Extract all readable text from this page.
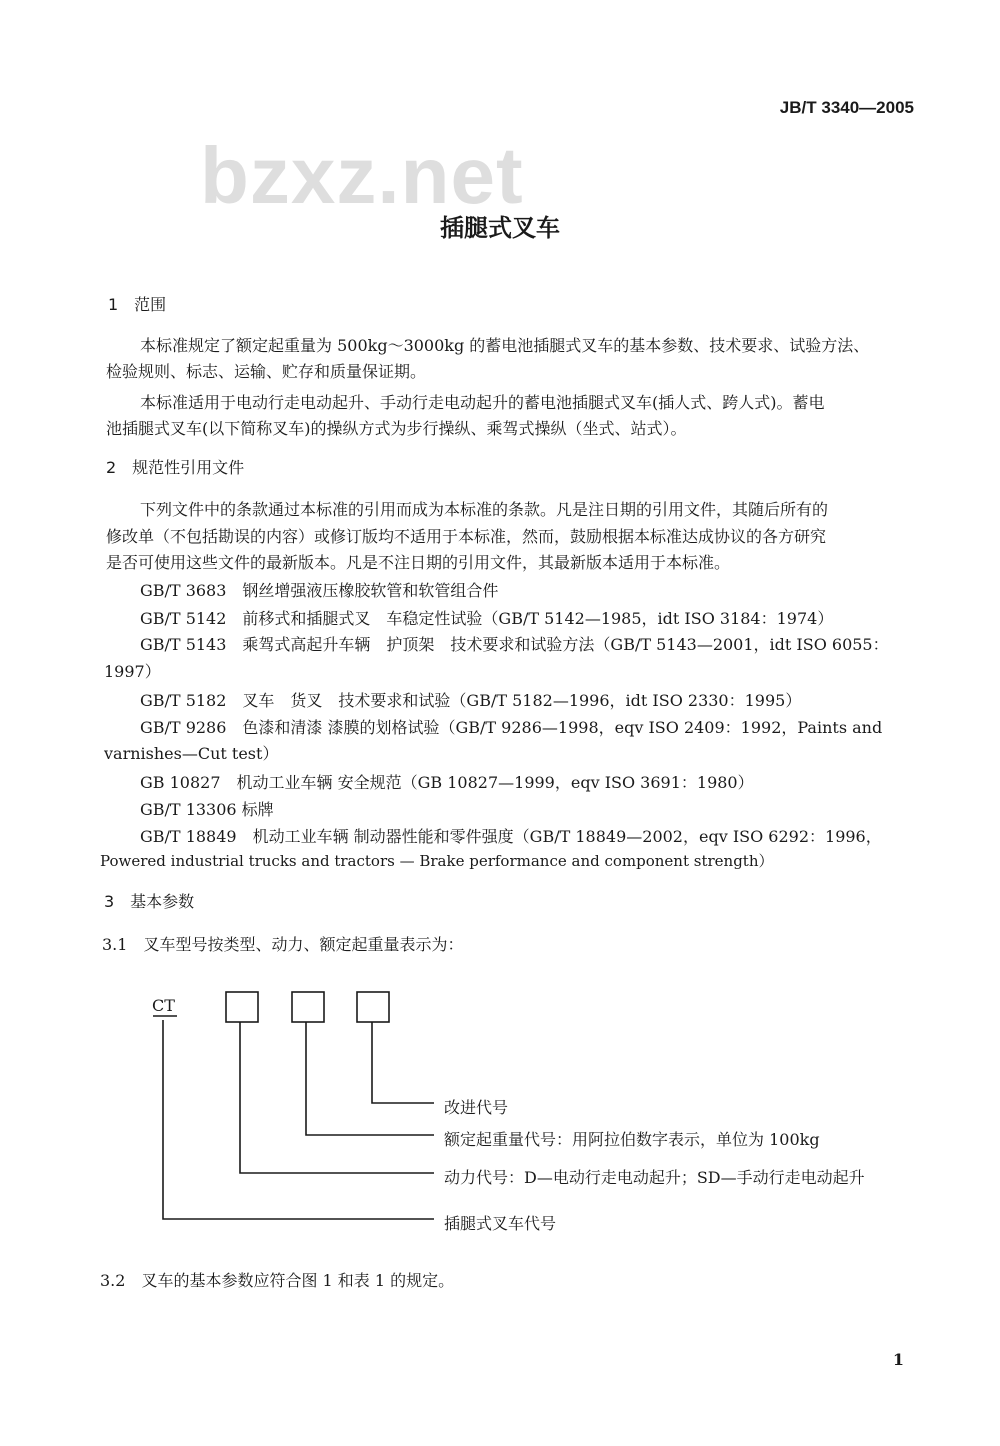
JB/T 3340—2005
bzxz.net
插腿式叉车
1　范围
本标准规定了额定起重量为 500kg～3000kg 的蓄电池插腿式叉车的基本参数、技术要求、试验方法、
检验规则、标志、运输、贮存和质量保证期。
本标准适用于电动行走电动起升、手动行走电动起升的蓄电池插腿式叉车(插人式、跨人式)。蓄电
池插腿式叉车(以下简称叉车)的操纵方式为步行操纵、乘驾式操纵（坐式、站式）。
2　规范性引用文件
下列文件中的条款通过本标准的引用而成为本标准的条款。凡是注日期的引用文件，其随后所有的
修改单（不包括勘误的内容）或修订版均不适用于本标准，然而，鼓励根据本标准达成协议的各方研究
是否可使用这些文件的最新版本。凡是不注日期的引用文件，其最新版本适用于本标准。
GB/T 3683　钢丝增强液压橡胶软管和软管组合件
GB/T 5142　前移式和插腿式叉　车稳定性试验（GB/T 5142—1985，idt ISO 3184：1974）
GB/T 5143　乘驾式高起升车辆　护顶架　技术要求和试验方法（GB/T 5143—2001，idt ISO 6055：
1997）
GB/T 5182　叉车　货叉　技术要求和试验（GB/T 5182—1996，idt ISO 2330：1995）
GB/T 9286　色漆和清漆 漆膜的划格试验（GB/T 9286—1998，eqv ISO 2409：1992，Paints and
varnishes—Cut test）
GB 10827　机动工业车辆 安全规范（GB 10827—1999，eqv ISO 3691：1980）
GB/T 13306 标牌
GB/T 18849　机动工业车辆 制动器性能和零件强度（GB/T 18849—2002，eqv ISO 6292：1996，
Powered industrial trucks and tractors — Brake performance and component strength）
3　基本参数
3.1　叉车型号按类型、动力、额定起重量表示为：
CT
改进代号
额定起重量代号：用阿拉伯数字表示，单位为 100kg
动力代号：D—电动行走电动起升；SD—手动行走电动起升
插腿式叉车代号
3.2　叉车的基本参数应符合图 1 和表 1 的规定。
1
